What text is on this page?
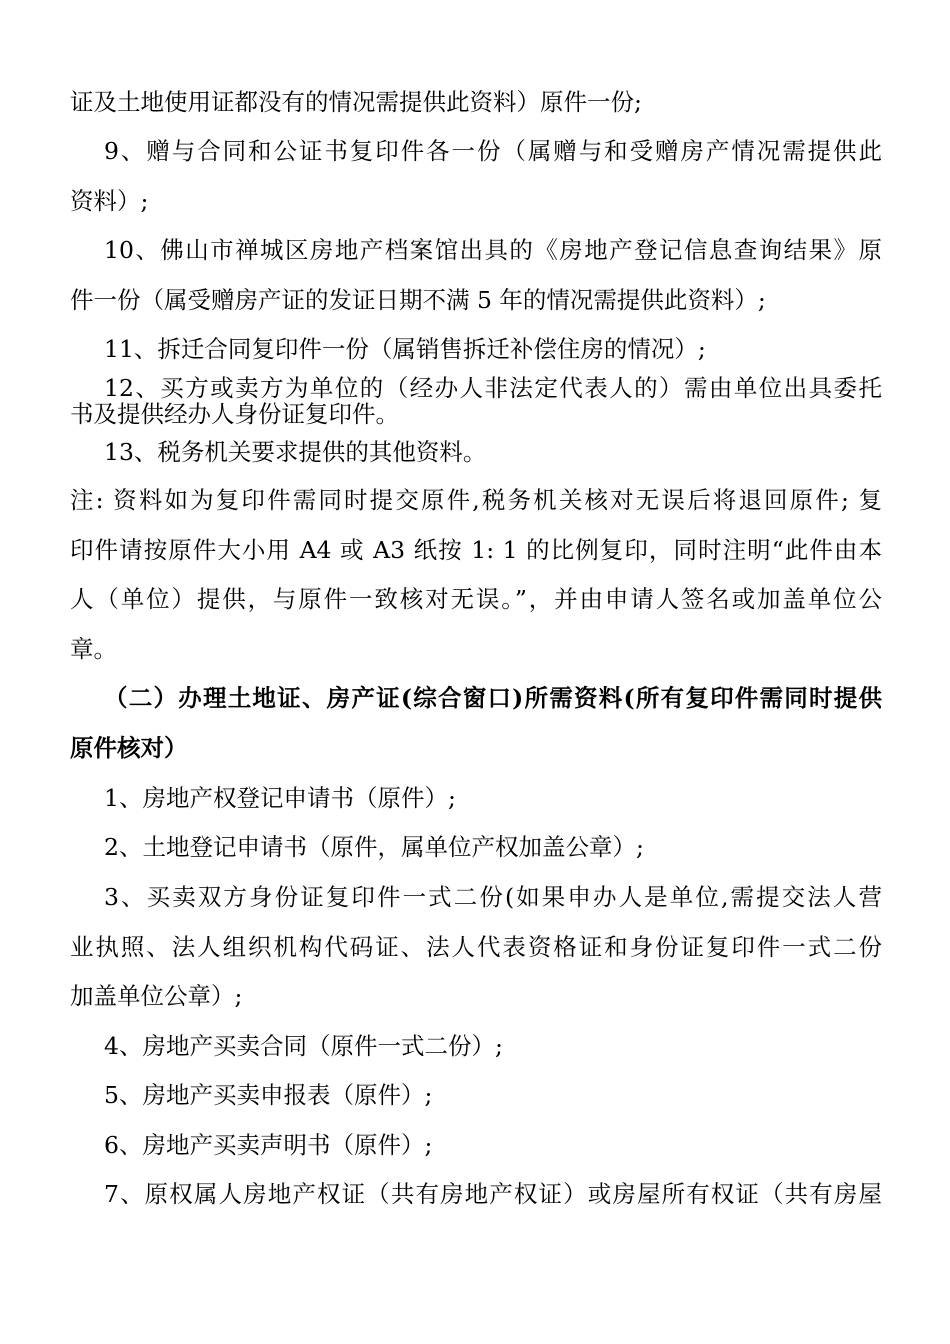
证及土地使用证都没有的情况需提供此资料）原件一份;
9、赠与合同和公证书复印件各一份（属赠与和受赠房产情况需提供此
资料）;
10、佛山市禅城区房地产档案馆出具的《房地产登记信息查询结果》原
件一份（属受赠房产证的发证日期不满 5 年的情况需提供此资料）;
11、拆迁合同复印件一份（属销售拆迁补偿住房的情况）;
12、买方或卖方为单位的（经办人非法定代表人的）需由单位出具委托
书及提供经办人身份证复印件。
13、税务机关要求提供的其他资料。
注: 资料如为复印件需同时提交原件,税务机关核对无误后将退回原件; 复
印件请按原件大小用 A4 或 A3 纸按 1: 1 的比例复印，同时注明“此件由本
人（单位）提供，与原件一致核对无误。”，并由申请人签名或加盖单位公
章。
（二）办理土地证、房产证(综合窗口)所需资料(所有复印件需同时提供
原件核对）
1、房地产权登记申请书（原件）;
2、土地登记申请书（原件，属单位产权加盖公章）;
3、买卖双方身份证复印件一式二份(如果申办人是单位,需提交法人营
业执照、法人组织机构代码证、法人代表资格证和身份证复印件一式二份
加盖单位公章）;
4、房地产买卖合同（原件一式二份）;
5、房地产买卖申报表（原件）;
6、房地产买卖声明书（原件）;
7、原权属人房地产权证（共有房地产权证）或房屋所有权证（共有房屋
